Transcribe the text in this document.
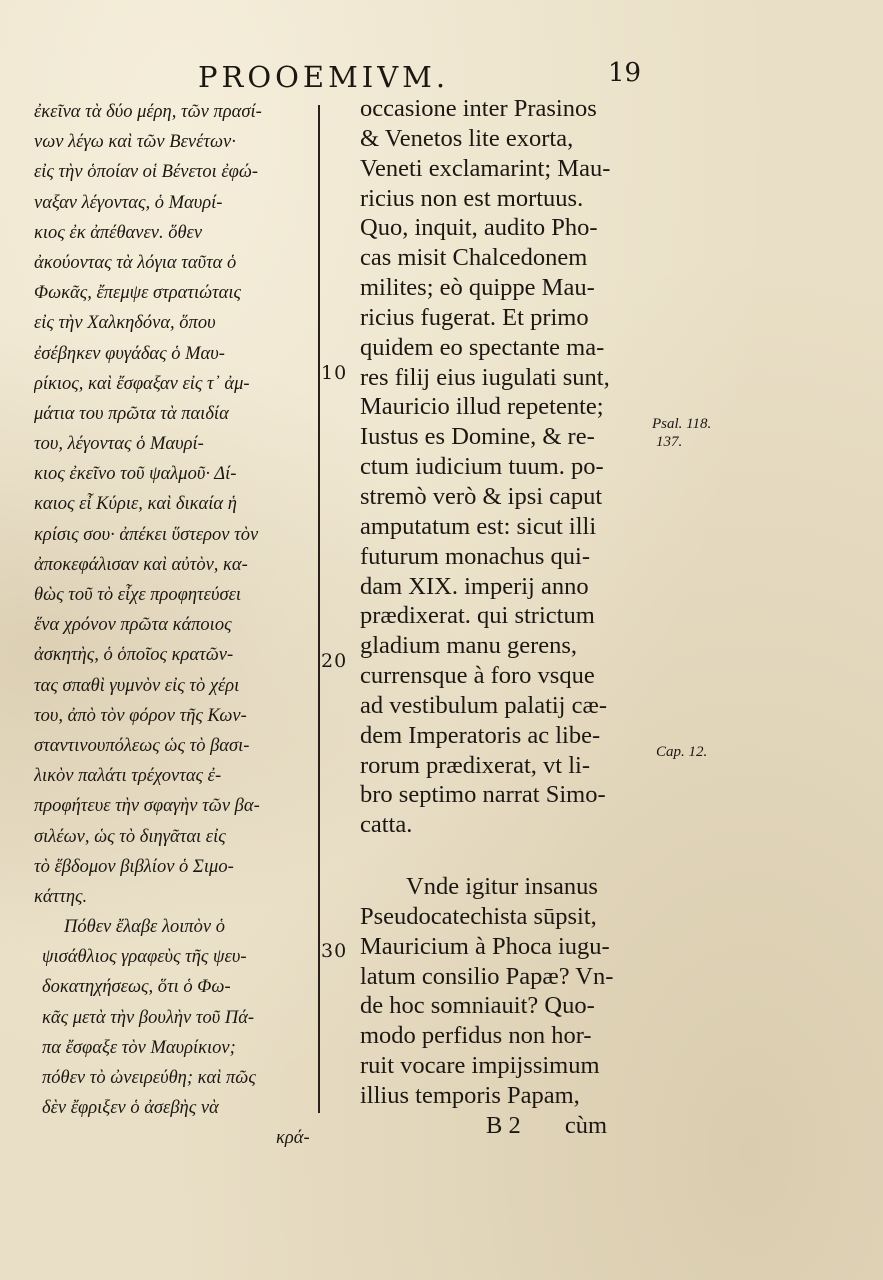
PROOEMIVM.	19
ἐκεῖνα τὰ δύο μέρη, τῶν πρασί-
νων λέγω καὶ τῶν Βενέτων·
εἰς τὴν ὁποίαν οἱ Βένετοι ἐφώ-
ναξαν λέγοντας, ὁ Μαυρί-
κιος ἐκ ἀπέθανεν. ὅθεν
ἀκούοντας τὰ λόγια ταῦτα ὁ
Φωκᾶς, ἔπεμψε στρατιώταις
εἰς τὴν Χαλκηδόνα, ὅπου
ἐσέβηκεν φυγάδας ὁ Μαυ-
ρίκιος, καὶ ἔσφαξαν εἰς τ᾽ ἀμ-
μάτια του πρῶτα τὰ παιδία
του, λέγοντας ὁ Μαυρί-
κιος ἐκεῖνο τοῦ ψαλμοῦ· Δί-
καιος εἶ Κύριε, καὶ δικαία ἡ
κρίσις σου· ἀπέκει ὕστερον τὸν
ἀποκεφάλισαν καὶ αὐτὸν, κα-
θὼς τοῦ τὸ εἶχε προφητεύσει
ἕνα χρόνον πρῶτα κάποιος
ἀσκητὴς, ὁ ὁποῖος κρατῶν-
τας σπαθὶ γυμνὸν εἰς τὸ χέρι
του, ἀπὸ τὸν φόρον τῆς Κων-
σταντινουπόλεως ὡς τὸ βασι-
λικὸν παλάτι τρέχοντας ἐ-
προφήτευε τὴν σφαγὴν τῶν βα-
σιλέων, ὡς τὸ διηγᾶται εἰς
τὸ ἕβδομον βιβλίον ὁ Σιμο-
κάττης.
Πόθεν ἔλαβε λοιπὸν ὁ
ψισάθλιος γραφεὺς τῆς ψευ-
δοκατηχήσεως, ὅτι ὁ Φω-
κᾶς μετὰ τὴν βουλὴν τοῦ Πά-
πα ἔσφαξε τὸν Μαυρίκιον;
πόθεν τὸ ὠνειρεύθη; καὶ πῶς
δὲν ἔφριξεν ὁ ἀσεβὴς νὰ
κρά-
10
20
30
occasione inter Prasinos
& Venetos lite exorta,
Veneti exclamarint; Mau-
ricius non est mortuus.
Quo, inquit, audito Pho-
cas misit Chalcedonem
milites; eò quippe Mau-
ricius fugerat. Et primo
quidem eo spectante ma-
res filij eius iugulati sunt,
Mauricio illud repetente;
Iustus es Domine, & re-
ctum iudicium tuum. po-
stremò verò & ipsi caput
amputatum est: sicut illi
futurum monachus qui-
dam XIX. imperij anno
prædixerat. qui strictum
gladium manu gerens,
currensque à foro vsque
ad vestibulum palatij cæ-
dem Imperatoris ac libe-
rorum prædixerat, vt li-
bro septimo narrat Simo-
catta.
Vnde igitur insanus
Pseudocatechista sūpsit,
Mauricium à Phoca iugu-
latum consilio Papæ? Vn-
de hoc somniauit? Quo-
modo perfidus non hor-
ruit vocare impijssimum
illius temporis Papam,
B 2 cùm
Psal. 118.
137.
Cap. 12.
